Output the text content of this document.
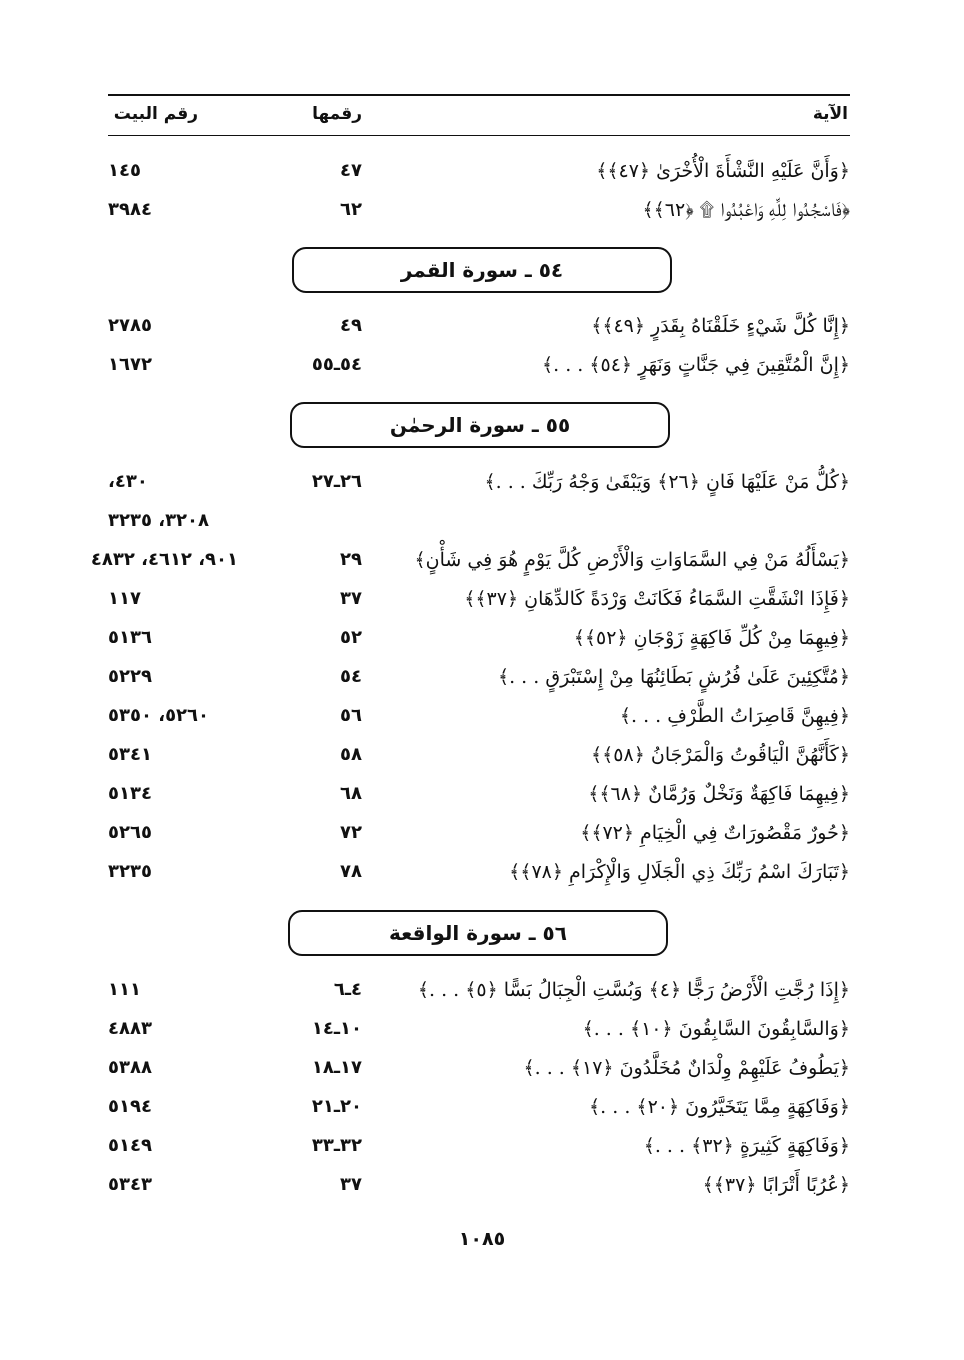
الآية
رقمها
رقم البيت
﴿وَأَنَّ عَلَيْهِ النَّشْأَةَ الْأُخْرَىٰ ﴿٤٧﴾﴾
٤٧
١٤٥
﴿فَاسْجُدُوا لِلَّهِ وَاعْبُدُوا ۩ ﴿٦٢﴾﴾
٦٢
٣٩٨٤
٥٤ ـ سورة القمر
﴿إِنَّا كُلَّ شَيْءٍ خَلَقْنَاهُ بِقَدَرٍ ﴿٤٩﴾﴾
٤٩
٢٧٨٥
﴿إِنَّ الْمُتَّقِينَ فِي جَنَّاتٍ وَنَهَرٍ ﴿٥٤﴾ . . .﴾
٥٤ـ٥٥
١٦٧٢
٥٥ ـ سورة الرحمٰن
﴿كُلُّ مَنْ عَلَيْهَا فَانٍ ﴿٢٦﴾ وَيَبْقَىٰ وَجْهُ رَبِّكَ . . .﴾
٢٦ـ٢٧
٤٣٠،
٣٢٠٨، ٣٢٣٥
﴿يَسْأَلُهُ مَنْ فِي السَّمَاوَاتِ وَالْأَرْضِ كُلَّ يَوْمٍ هُوَ فِي شَأْنٍ﴾
٢٩
٩٠١، ٤٦١٢، ٤٨٣٢
﴿فَإِذَا انْشَقَّتِ السَّمَاءُ فَكَانَتْ وَرْدَةً كَالدِّهَانِ ﴿٣٧﴾﴾
٣٧
١١٧
﴿فِيهِمَا مِنْ كُلِّ فَاكِهَةٍ زَوْجَانِ ﴿٥٢﴾﴾
٥٢
٥١٣٦
﴿مُتَّكِئِينَ عَلَىٰ فُرُشٍ بَطَائِنُهَا مِنْ إِسْتَبْرَقٍ . . .﴾
٥٤
٥٢٢٩
﴿فِيهِنَّ قَاصِرَاتُ الطَّرْفِ . . .﴾
٥٦
٥٢٦٠، ٥٣٥٠
﴿كَأَنَّهُنَّ الْيَاقُوتُ وَالْمَرْجَانُ ﴿٥٨﴾﴾
٥٨
٥٣٤١
﴿فِيهِمَا فَاكِهَةٌ وَنَخْلٌ وَرُمَّانٌ ﴿٦٨﴾﴾
٦٨
٥١٣٤
﴿حُورٌ مَقْصُورَاتٌ فِي الْخِيَامِ ﴿٧٢﴾﴾
٧٢
٥٢٦٥
﴿تَبَارَكَ اسْمُ رَبِّكَ ذِي الْجَلَالِ وَالْإِكْرَامِ ﴿٧٨﴾﴾
٧٨
٣٢٣٥
٥٦ ـ سورة الواقعة
﴿إِذَا رُجَّتِ الْأَرْضُ رَجًّا ﴿٤﴾ وَبُسَّتِ الْجِبَالُ بَسًّا ﴿٥﴾ . . .﴾
٤ـ٦
١١١
﴿وَالسَّابِقُونَ السَّابِقُونَ ﴿١٠﴾ . . .﴾
١٠ـ١٤
٤٨٨٣
﴿يَطُوفُ عَلَيْهِمْ وِلْدَانٌ مُخَلَّدُونَ ﴿١٧﴾ . . .﴾
١٧ـ١٨
٥٣٨٨
﴿وَفَاكِهَةٍ مِمَّا يَتَخَيَّرُونَ ﴿٢٠﴾ . . .﴾
٢٠ـ٢١
٥١٩٤
﴿وَفَاكِهَةٍ كَثِيرَةٍ ﴿٣٢﴾ . . .﴾
٣٢ـ٣٣
٥١٤٩
﴿عُرُبًا أَتْرَابًا ﴿٣٧﴾﴾
٣٧
٥٣٤٣
١٠٨٥
